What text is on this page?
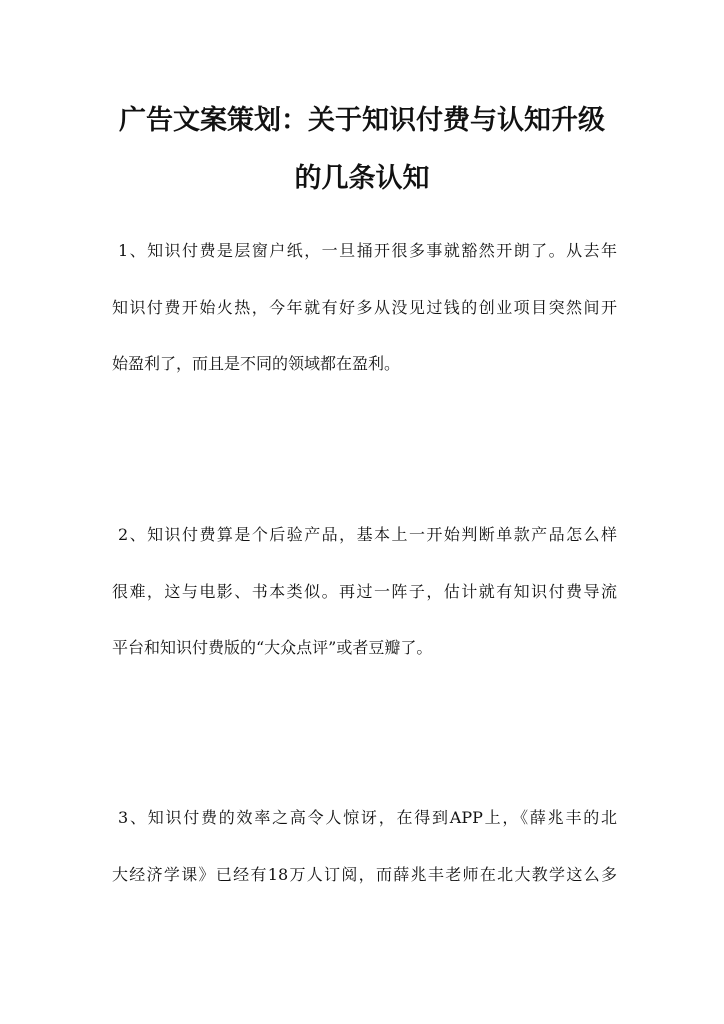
广告文案策划：关于知识付费与认知升级
的几条认知
1、知识付费是层窗户纸，一旦捅开很多事就豁然开朗了。从去年
知识付费开始火热，今年就有好多从没见过钱的创业项目突然间开
始盈利了，而且是不同的领域都在盈利。
2、知识付费算是个后验产品，基本上一开始判断单款产品怎么样
很难，这与电影、书本类似。再过一阵子，估计就有知识付费导流
平台和知识付费版的“大众点评”或者豆瓣了。
3、知识付费的效率之高令人惊讶，在得到APP上，《薛兆丰的北
大经济学课》已经有18万人订阅，而薛兆丰老师在北大教学这么多
